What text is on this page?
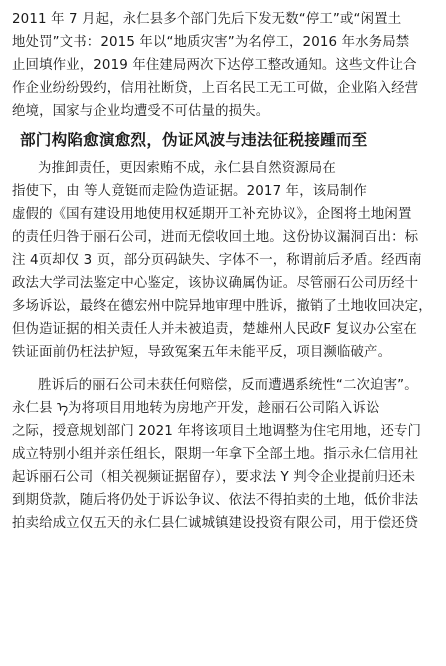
2011 年 7 月起，永仁县多个部门先后下发无数“停工”或“闲置土
地处罚”文书：2015 年以“地质灾害”为名停工，2016 年水务局禁
止回填作业，2019 年住建局两次下达停工整改通知。这些文件让合
作企业纷纷毁约，信用社断贷，上百名民工无工可做，企业陷入经营
绝境，国家与企业均遭受不可估量的损失。
部门构陷愈演愈烈，伪证风波与违法征税接踵而至
为推卸责任，更因索贿不成，永仁县自然资源局在
指使下，由 等人竟铤而走险伪造证据。2017 年，该局制作
虚假的《国有建设用地使用权延期开工补充协议》，企图将土地闲置
的责任归咎于丽石公司，进而无偿收回土地。这份协议漏洞百出：标
注 4页却仅 3 页，部分页码缺失、字体不一，称谓前后矛盾。经西南
政法大学司法鉴定中心鉴定，该协议确属伪证。尽管丽石公司历经十
多场诉讼，最终在德宏州中院异地审理中胜诉，撤销了土地收回决定，
但伪造证据的相关责任人并未被追责，楚雄州人民政F 复议办公室在
铁证面前仍枉法护短，导致冤案五年未能平反，项目濒临破产。
胜诉后的丽石公司未获任何赔偿，反而遭遇系统性“二次迫害”。
永仁县 ᠡ为将项目用地转为房地产开发，趁丽石公司陷入诉讼
之际，授意规划部门 2021 年将该项目土地调整为住宅用地，还专门
成立特别小组并亲任组长，限期一年拿下全部土地。指示永仁信用社
起诉丽石公司（相关视频证据留存），要求法 Y 判令企业提前归还未
到期贷款，随后将仍处于诉讼争议、依法不得拍卖的土地，低价非法
拍卖给成立仅五天的永仁县仁诚城镇建设投资有限公司，用于偿还贷
